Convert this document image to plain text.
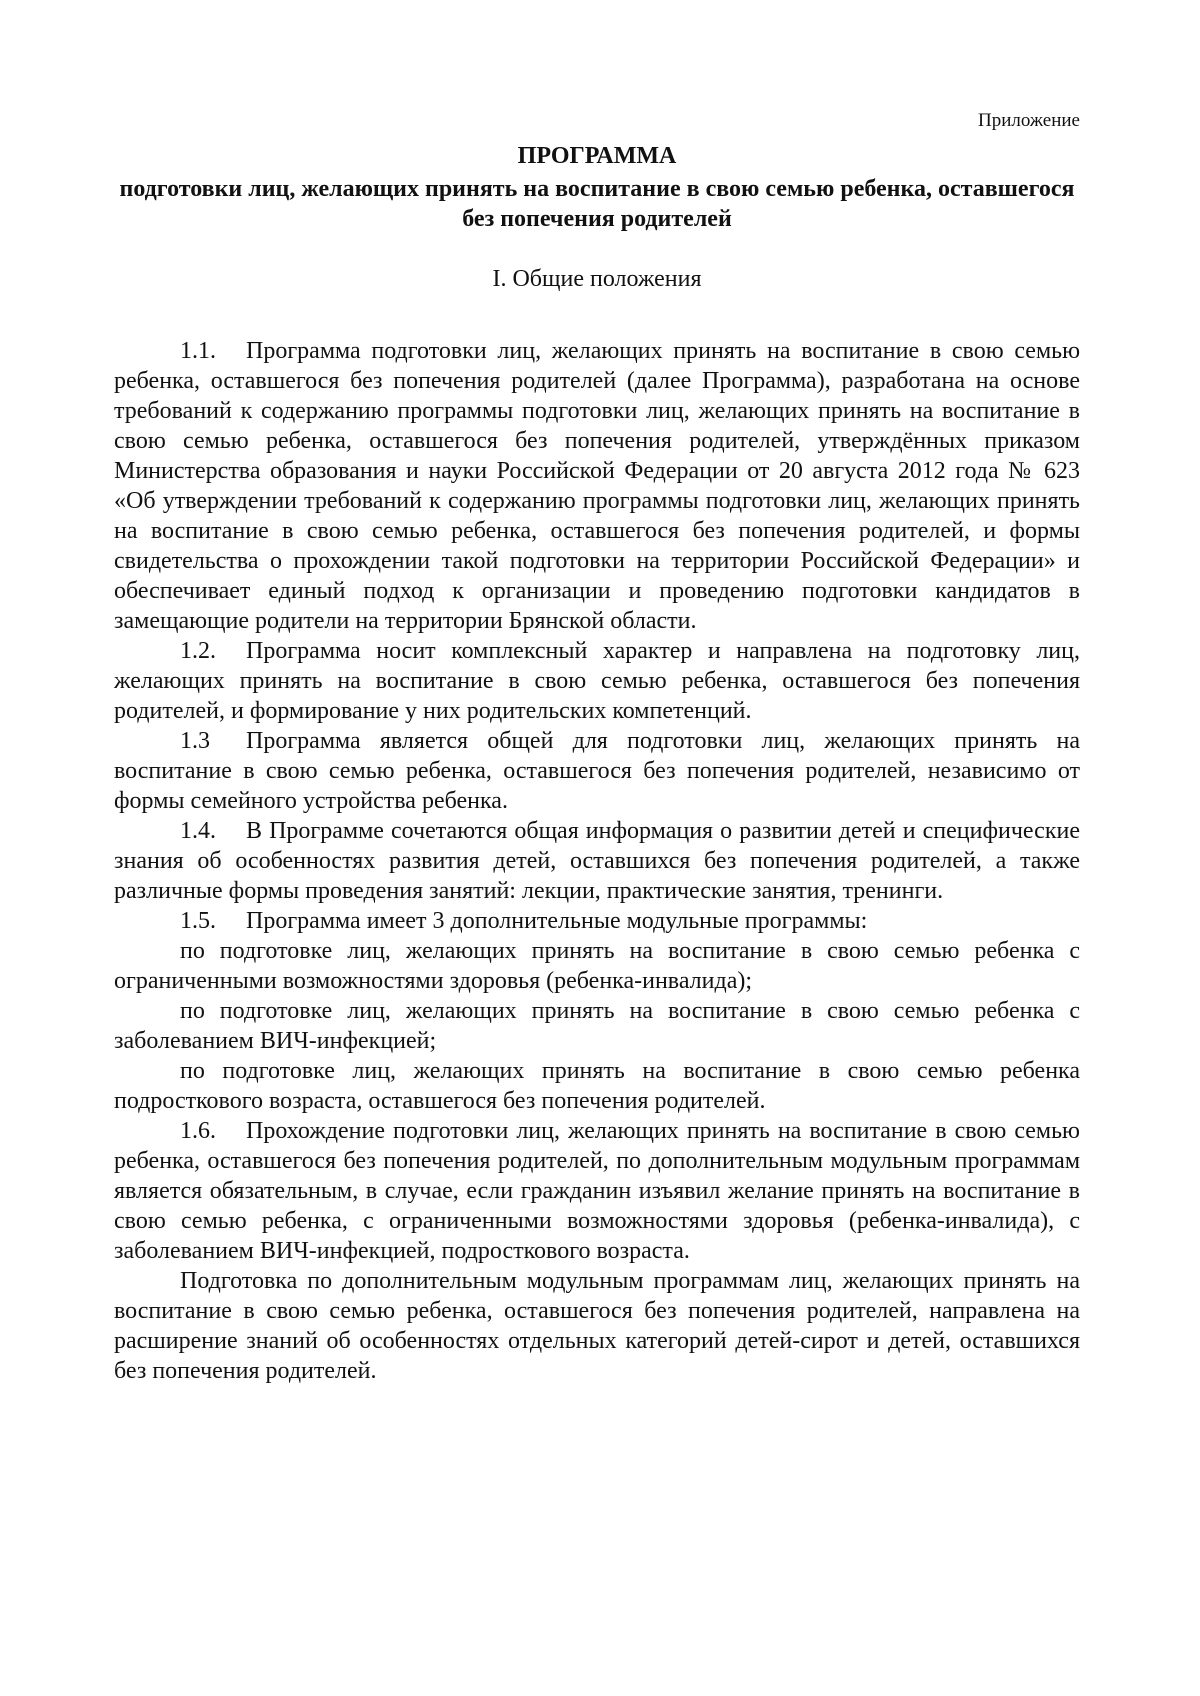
Приложение

ПРОГРАММА

подготовки лиц, желающих принять на воспитание в свою семью ребенка, оставшегося без попечения родителей

I. Общие положения

1.1. Программа подготовки лиц, желающих принять на воспитание в свою семью ребенка, оставшегося без попечения родителей (далее Программа), разработана на основе требований к содержанию программы подготовки лиц, желающих принять на воспитание в свою семью ребенка, оставшегося без попечения родителей, утверждённых приказом Министерства образования и науки Российской Федерации от 20 августа 2012 года № 623 «Об утверждении требований к содержанию программы подготовки лиц, желающих принять на воспитание в свою семью ребенка, оставшегося без попечения родителей, и формы свидетельства о прохождении такой подготовки на территории Российской Федерации» и обеспечивает единый подход к организации и проведению подготовки кандидатов в замещающие родители на территории Брянской области.

1.2. Программа носит комплексный характер и направлена на подготовку лиц, желающих принять на воспитание в свою семью ребенка, оставшегося без попечения родителей, и формирование у них родительских компетенций.

1.3 Программа является общей для подготовки лиц, желающих принять на воспитание в свою семью ребенка, оставшегося без попечения родителей, независимо от формы семейного устройства ребенка.

1.4. В Программе сочетаются общая информация о развитии детей и специфические знания об особенностях развития детей, оставшихся без попечения родителей, а также различные формы проведения занятий: лекции, практические занятия, тренинги.

1.5. Программа имеет 3 дополнительные модульные программы:

по подготовке лиц, желающих принять на воспитание в свою семью ребенка с ограниченными возможностями здоровья (ребенка-инвалида);

по подготовке лиц, желающих принять на воспитание в свою семью ребенка с заболеванием ВИЧ-инфекцией;

по подготовке лиц, желающих принять на воспитание в свою семью ребенка подросткового возраста, оставшегося без попечения родителей.

1.6. Прохождение подготовки лиц, желающих принять на воспитание в свою семью ребенка, оставшегося без попечения родителей, по дополнительным модульным программам является обязательным, в случае, если гражданин изъявил желание принять на воспитание в свою семью ребенка, с ограниченными возможностями здоровья (ребенка-инвалида), с заболеванием ВИЧ-инфекцией, подросткового возраста.

Подготовка по дополнительным модульным программам лиц, желающих принять на воспитание в свою семью ребенка, оставшегося без попечения родителей, направлена на расширение знаний об особенностях отдельных категорий детей-сирот и детей, оставшихся без попечения родителей.
